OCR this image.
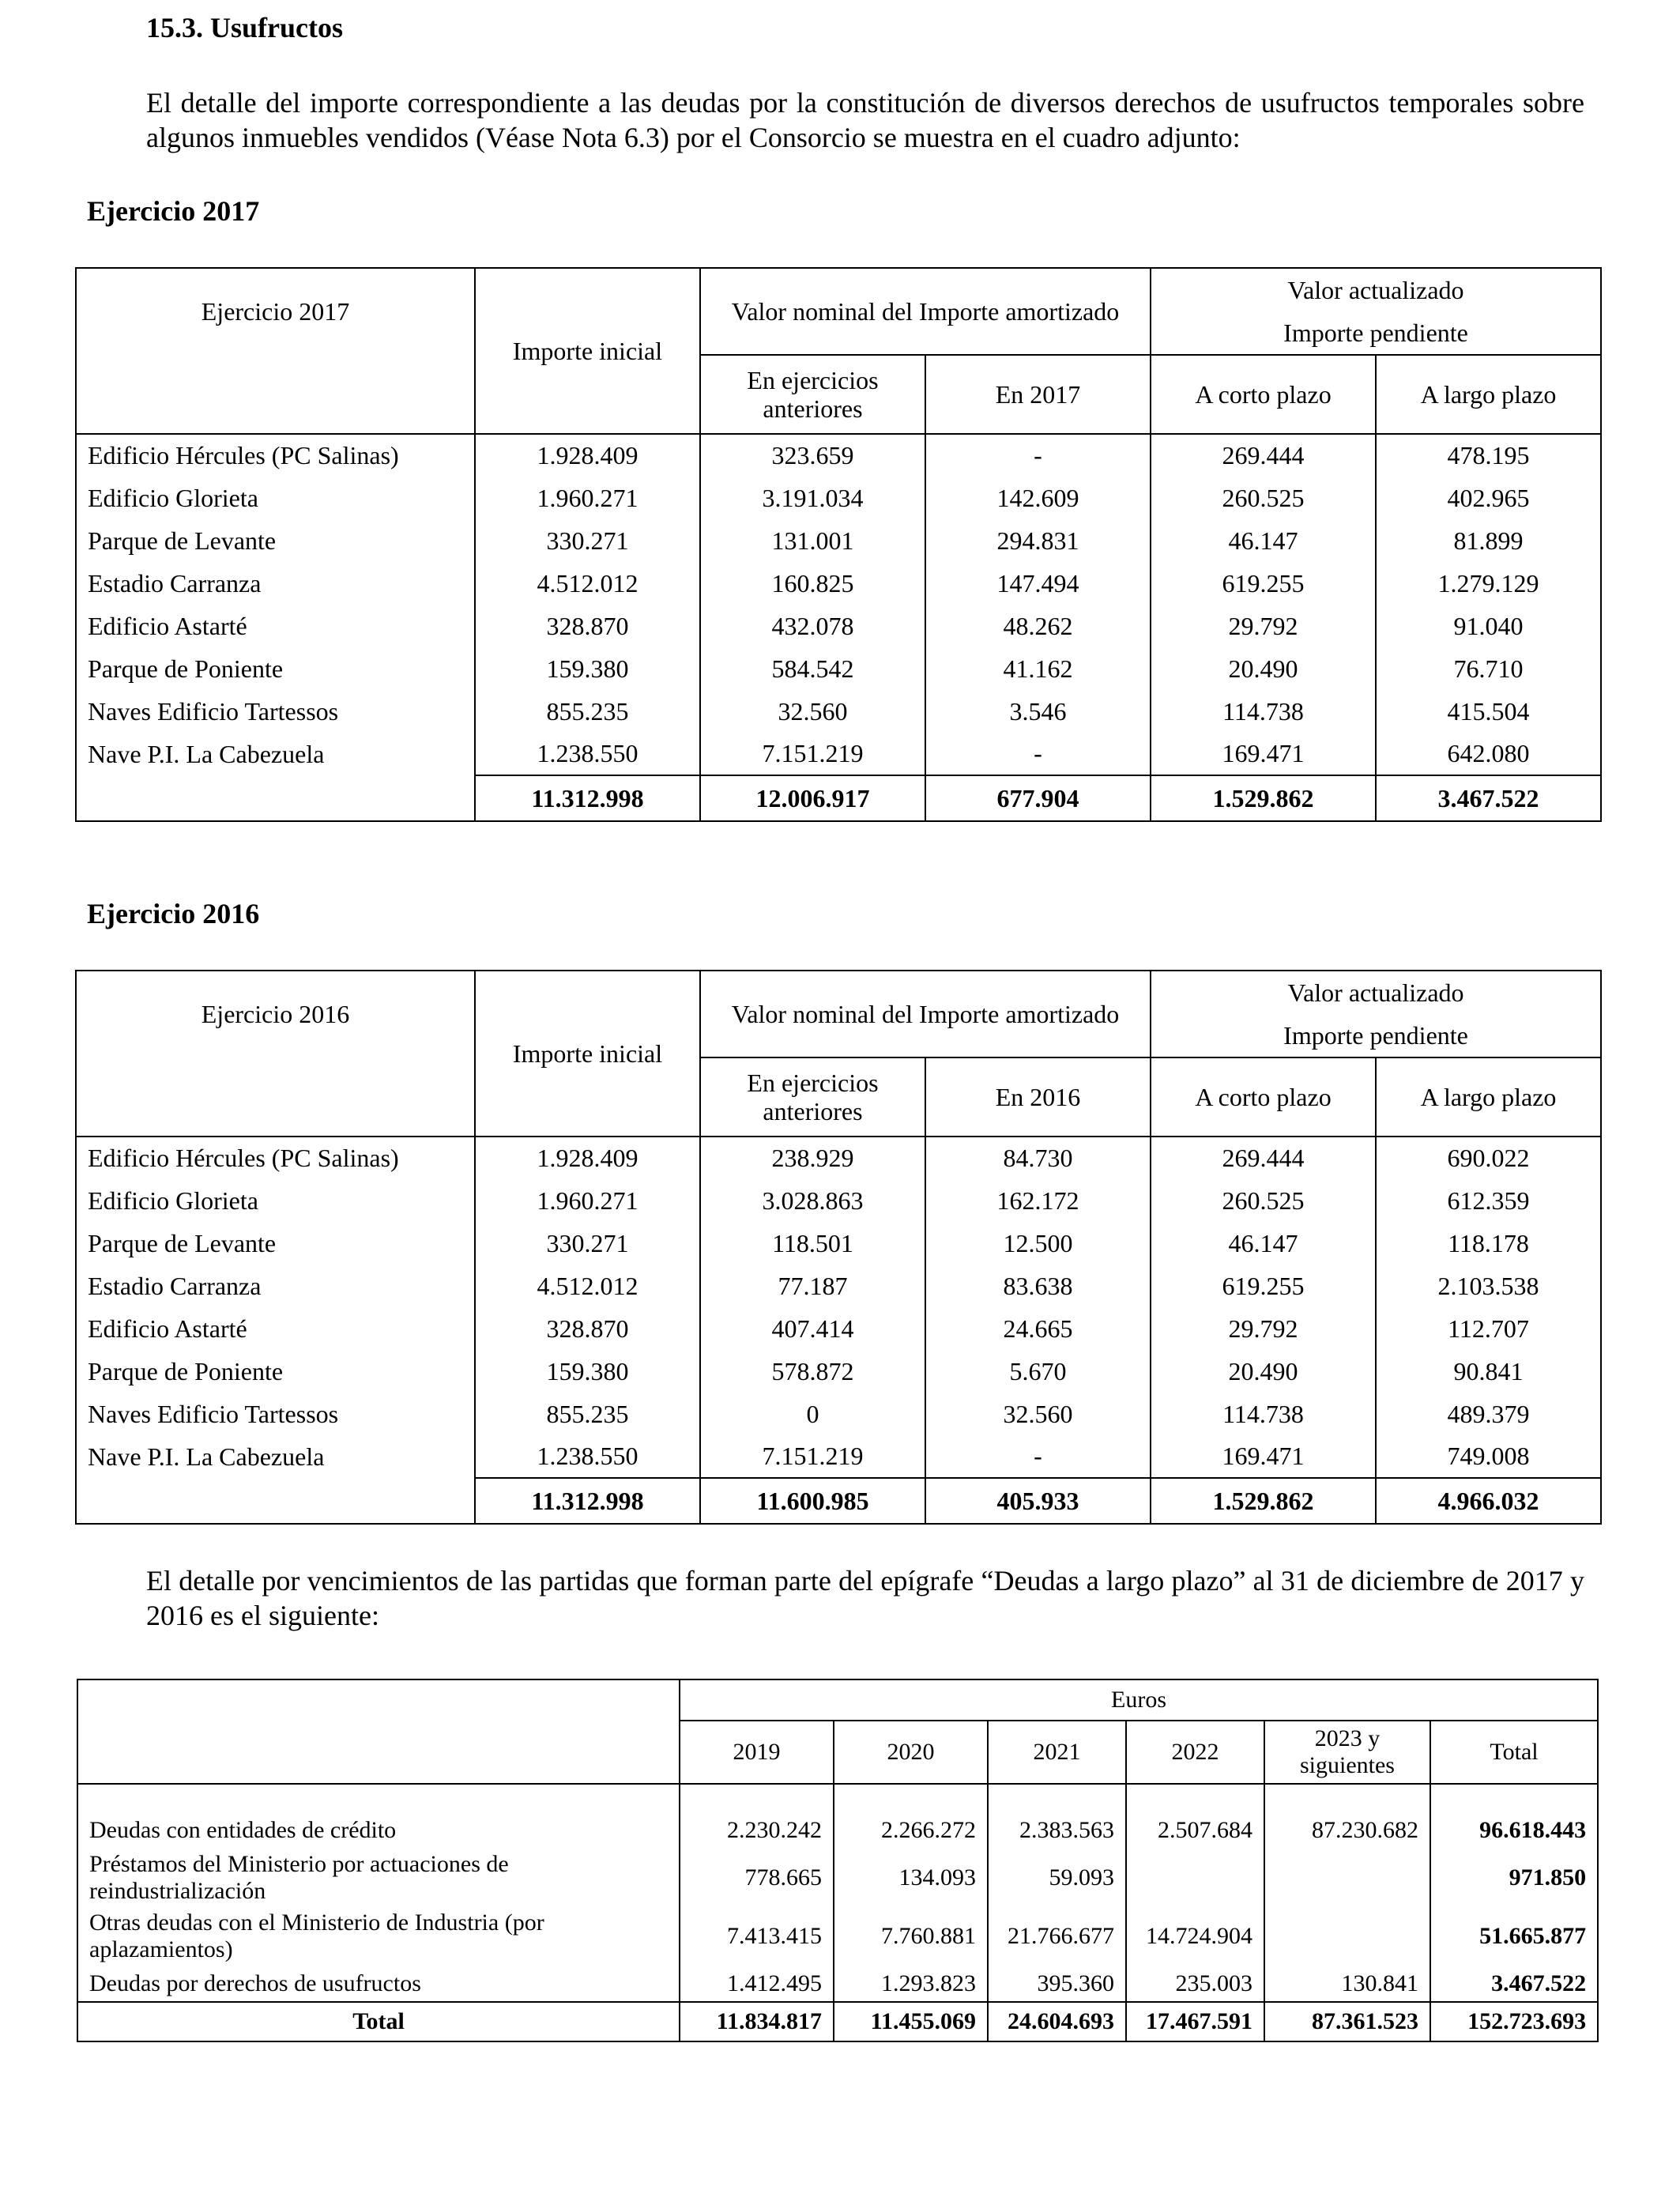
15.3. Usufructos
El detalle del importe correspondiente a las deudas por la constitución de diversos derechos de usufructos temporales sobre algunos inmuebles vendidos (Véase Nota 6.3) por el Consorcio se muestra en el cuadro adjunto:
Ejercicio 2017
Ejercicio 2017	Importe inicial	Valor nominal del Importe amortizado		Valor actualizado
Importe pendiente	

		En ejercicios
anteriores	En 2017	A corto plazo	A largo plazo
Edificio Hércules (PC Salinas)	1.928.409	323.659	-	269.444	478.195
Edificio Glorieta	1.960.271	3.191.034	142.609	260.525	402.965
Parque de Levante	330.271	131.001	294.831	46.147	81.899
Estadio Carranza	4.512.012	160.825	147.494	619.255	1.279.129
Edificio Astarté	328.870	432.078	48.262	29.792	91.040
Parque de Poniente	159.380	584.542	41.162	20.490	76.710
Naves Edificio Tartessos	855.235	32.560	3.546	114.738	415.504
Nave P.I. La Cabezuela	1.238.550	7.151.219	-	169.471	642.080
	11.312.998	12.006.917	677.904	1.529.862	3.467.522
Ejercicio 2016
Ejercicio 2016	Importe inicial	Valor nominal del Importe amortizado		Valor actualizado
Importe pendiente	

		En ejercicios
anteriores	En 2016	A corto plazo	A largo plazo
Edificio Hércules (PC Salinas)	1.928.409	238.929	84.730	269.444	690.022
Edificio Glorieta	1.960.271	3.028.863	162.172	260.525	612.359
Parque de Levante	330.271	118.501	12.500	46.147	118.178
Estadio Carranza	4.512.012	77.187	83.638	619.255	2.103.538
Edificio Astarté	328.870	407.414	24.665	29.792	112.707
Parque de Poniente	159.380	578.872	5.670	20.490	90.841
Naves Edificio Tartessos	855.235	0	32.560	114.738	489.379
Nave P.I. La Cabezuela	1.238.550	7.151.219	-	169.471	749.008
	11.312.998	11.600.985	405.933	1.529.862	4.966.032
El detalle por vencimientos de las partidas que forman parte del epígrafe “Deudas a largo plazo” al 31 de diciembre de 2017 y 2016 es el siguiente:
	Euros					
	2019	2020	2021	2022	2023 y
siguientes	Total

Deudas con entidades de crédito	2.230.242	2.266.272	2.383.563	2.507.684	87.230.682	96.618.443

Préstamos del Ministerio por actuaciones de
reindustrialización	778.665	134.093	59.093			971.850

Otras deudas con el Ministerio de Industria (por
aplazamientos)	7.413.415	7.760.881	21.766.677	14.724.904		51.665.877

Deudas por derechos de usufructos	1.412.495	1.293.823	395.360	235.003	130.841	3.467.522
Total	11.834.817	11.455.069	24.604.693	17.467.591	87.361.523	152.723.693
